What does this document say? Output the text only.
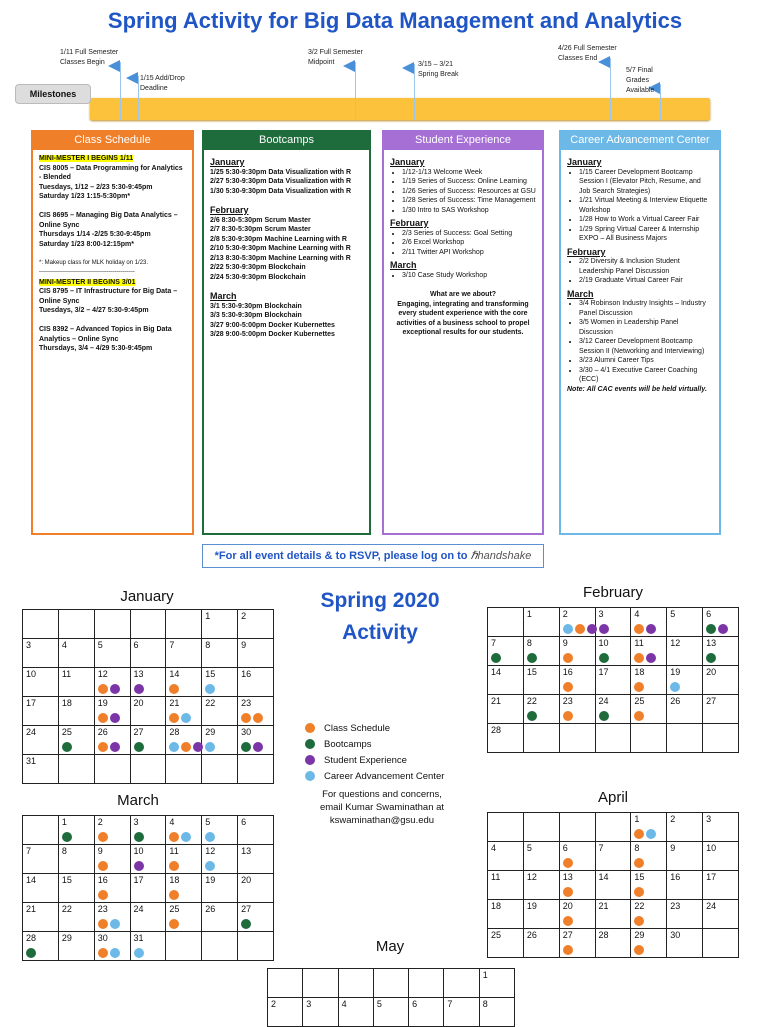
Spring Activity for Big Data Management and Analytics
Milestones
1/11 Full Semester Classes Begin
1/15 Add/Drop Deadline
3/2 Full Semester Midpoint	3/15 – 3/21 Spring Break
4/26 Full Semester Classes End
5/7 Final Grades Available
Class Schedule

MINI-MESTER I BEGINS 1/11

CIS 8005 – Data Programming for Analytics - Blended

Tuesdays, 1/12 – 2/23 5:30-9:45pm

Saturday 1/23 1:15-5:30pm*

CIS 8695 – Managing Big Data Analytics – Online Sync

Thursdays 1/14 -2/25 5:30-9:45pm

Saturday 1/23 8:00-12:15pm*

*: Makeup class for MLK holiday on 1/23.

------------------------------------------------

MINI-MESTER II BEGINS 3/01

CIS 8795 – IT Infrastructure for Big Data – Online Sync

Tuesdays, 3/2 – 4/27 5:30-9:45pm

CIS 8392 – Advanced Topics in Big Data Analytics – Online Sync

Thursdays, 3/4 – 4/29 5:30-9:45pm

Bootcamps
January

1/25 5:30-9:30pm Data Visualization with R

2/27 5:30-9:30pm Data Visualization with R

1/30 5:30-9:30pm Data Visualization with R

February

2/6 8:30-5:30pm Scrum Master

2/7 8:30-5:30pm Scrum Master

2/8 5:30-9:30pm Machine Learning with R

2/10 5:30-9:30pm Machine Learning with R

2/13 8:30-5:30pm Machine Learning with R

2/22 5:30-9:30pm Blockchain

2/24 5:30-9:30pm Blockchain

March

3/1 5:30-9:30pm Blockchain

3/3 5:30-9:30pm Blockchain

3/27 9:00-5:00pm Docker Kubernettes

3/28 9:00-5:00pm Docker Kubernettes

Student Experience
January
• 1/12-1/13 Welcome Week
• 1/19 Series of Success: Online Learning
• 1/26 Series of Success: Resources at GSU
• 1/28 Series of Success: Time Management
• 1/30 Intro to SAS Workshop
February
• 2/3 Series of Success: Goal Setting
• 2/6 Excel Workshop
• 2/11 Twitter API Workshop
March
• 3/10 Case Study Workshop

What are we about?

Engaging, integrating and transforming every student experience with the core activities of a business school to propel exceptional results for our students.

Career Advancement Center
January
• 1/15 Career Development Bootcamp Session I (Elevator Pitch, Resume, and Job Search Strategies)
• 1/21 Virtual Meeting & Interview Etiquette Workshop
• 1/28 How to Work a Virtual Career Fair
• 1/29 Spring Virtual Career & Internship EXPO – All Business Majors
February
• 2/2 Diversity & Inclusion Student Leadership Panel Discussion
• 2/19 Graduate Virtual Career Fair
March
• 3/4 Robinson Industry Insights – Industry Panel Discussion
• 3/5 Women in Leadership Panel Discussion
• 3/12 Career Development Bootcamp Session II (Networking and Interviewing)
• 3/23 Alumni Career Tips
• 3/30 – 4/1 Executive Career Coaching (ECC)

Note: All CAC events will be held virtually.

*For all event details & to RSVP, please log on to ℏhandshake
January
					1	2
3	4	5	6	7	8	9
10	11	12	13	14	15	16
17	18	19	20	21	22	23

24	25	26	27	28	29	30

31						
February
	1	2	3	4	5	6

7	8	9	10	11	12	13

14	15	16	17	18	19	20
21	22	23	24	25	26	27
28						
March
	1	2	3	4	5	6
7	8	9	10	11	12	13
14	15	16	17	18	19	20
21	22	23	24	25	26	27

28	29	30	31

April
				1	2	3
4	5	6	7	8	9	10
11	12	13	14	15	16	17
18	19	20	21	22	23	24
25	26	27	28	29	30	
May
						1
2	3	4	5	6	7	8
Spring 2020 Activity
Class Schedule
Bootcamps
Student Experience
Career Advancement Center
For questions and concerns,
email Kumar Swaminathan at
kswaminathan@gsu.edu
